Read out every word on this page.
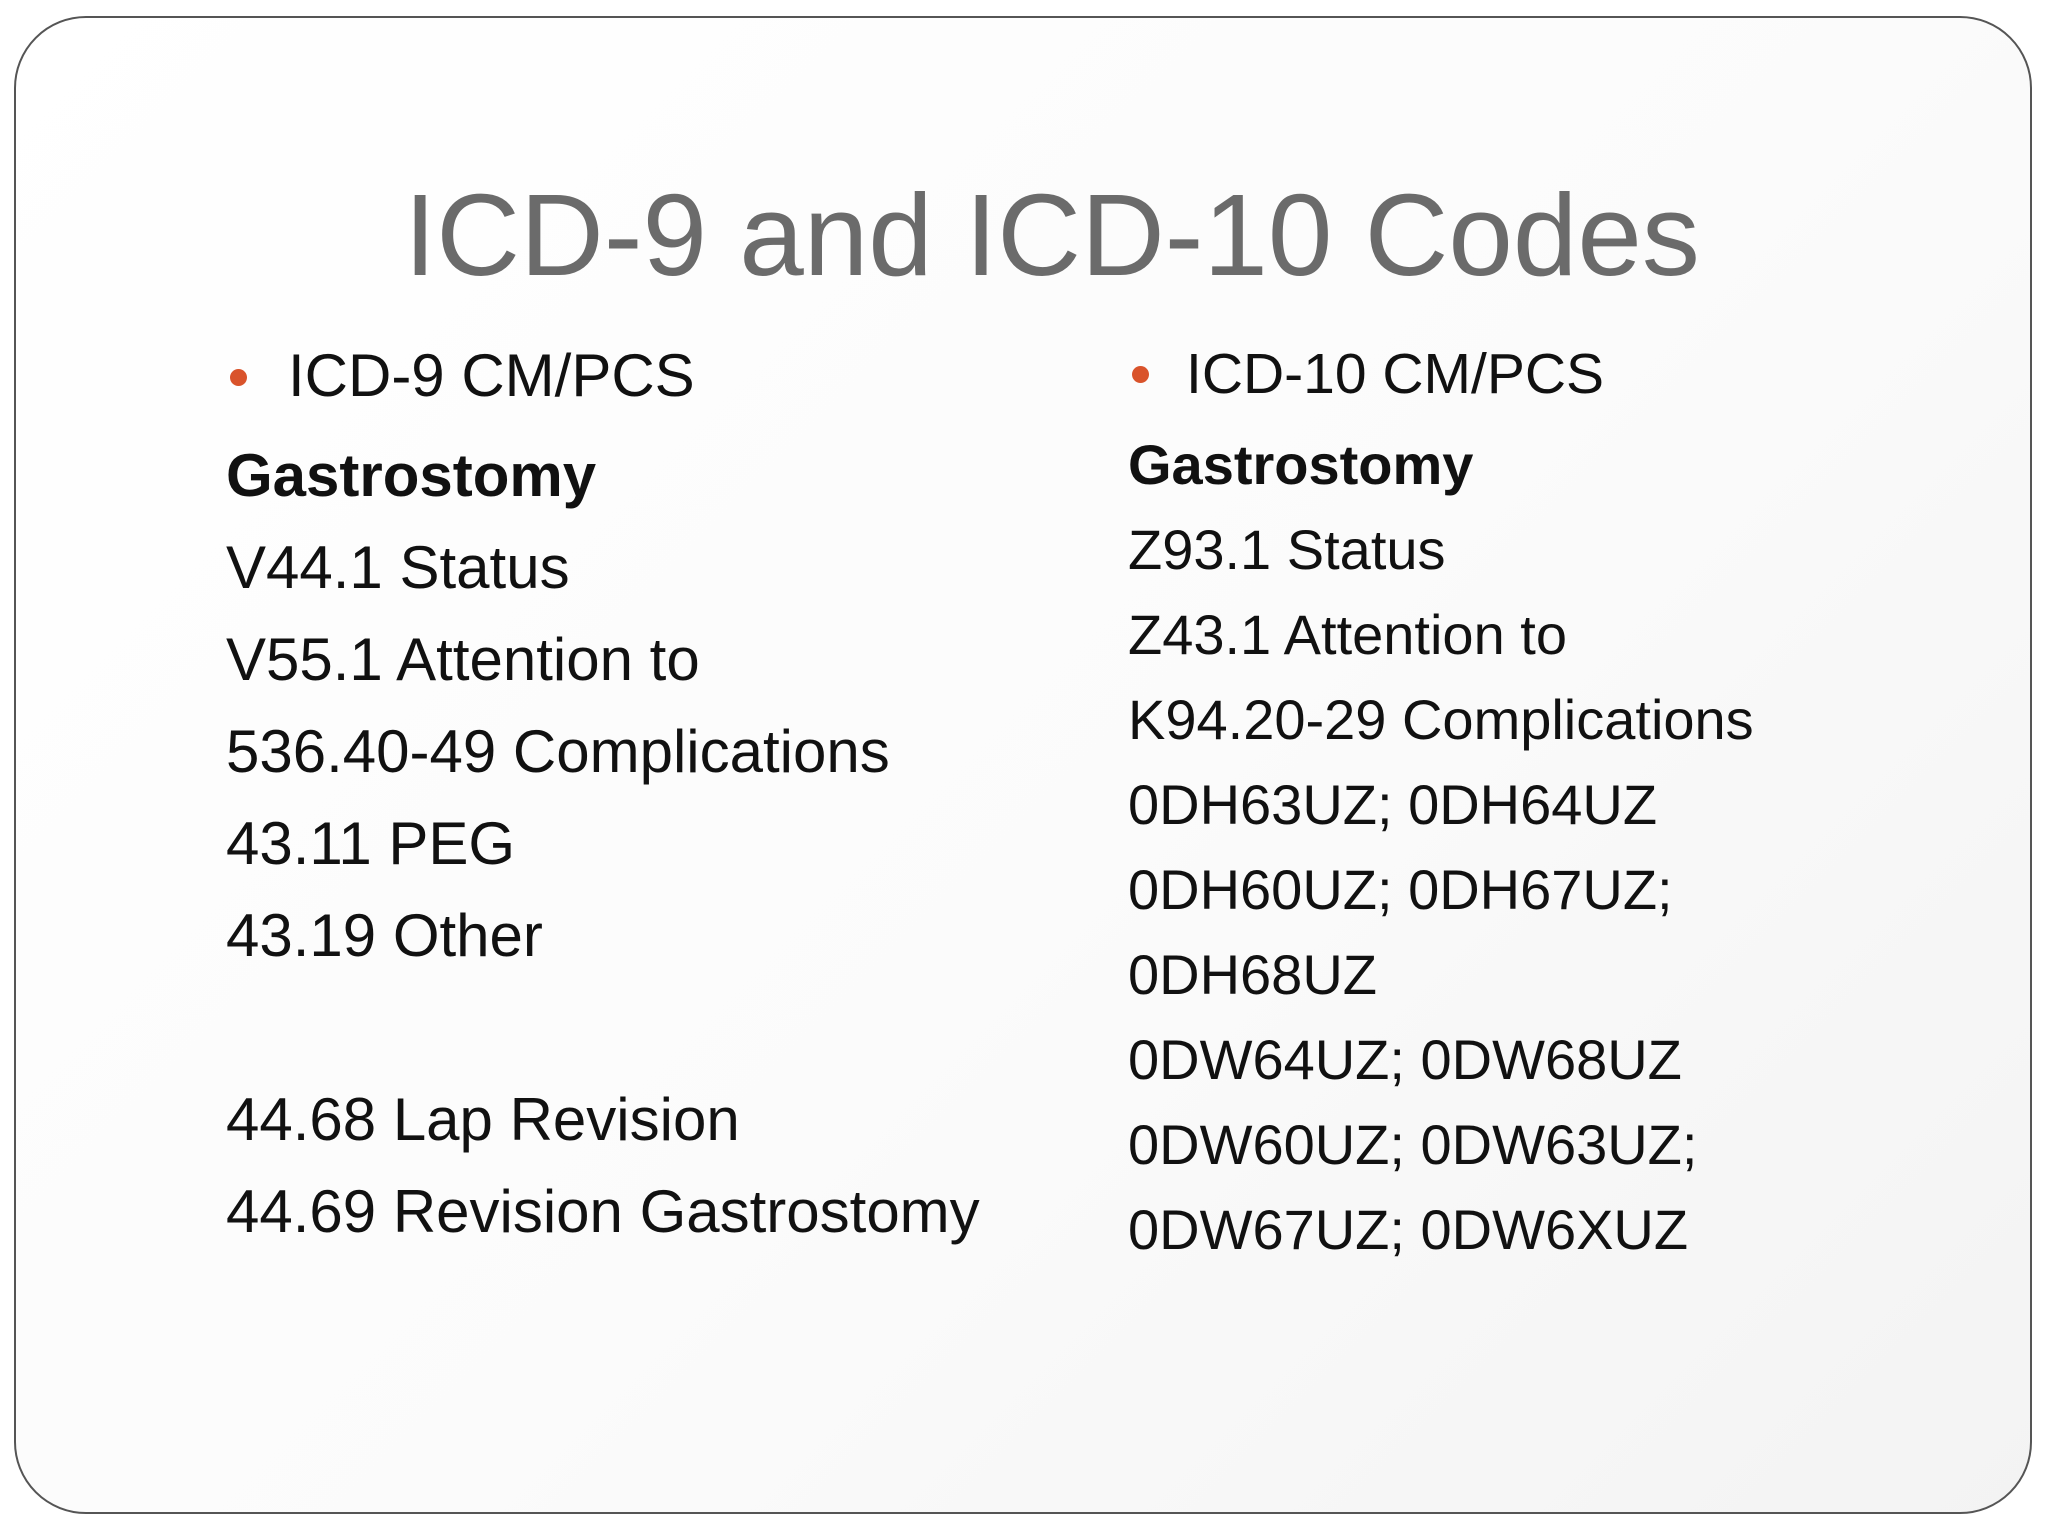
ICD-9 and ICD-10 Codes
ICD-9 CM/PCS
Gastrostomy
V44.1 Status
V55.1 Attention to
536.40-49 Complications
43.11 PEG
43.19 Other
44.68 Lap Revision
44.69 Revision Gastrostomy
ICD-10 CM/PCS
Gastrostomy
Z93.1 Status
Z43.1 Attention to
K94.20-29 Complications
0DH63UZ; 0DH64UZ
0DH60UZ; 0DH67UZ;
0DH68UZ
0DW64UZ; 0DW68UZ
0DW60UZ; 0DW63UZ;
0DW67UZ; 0DW6XUZ
